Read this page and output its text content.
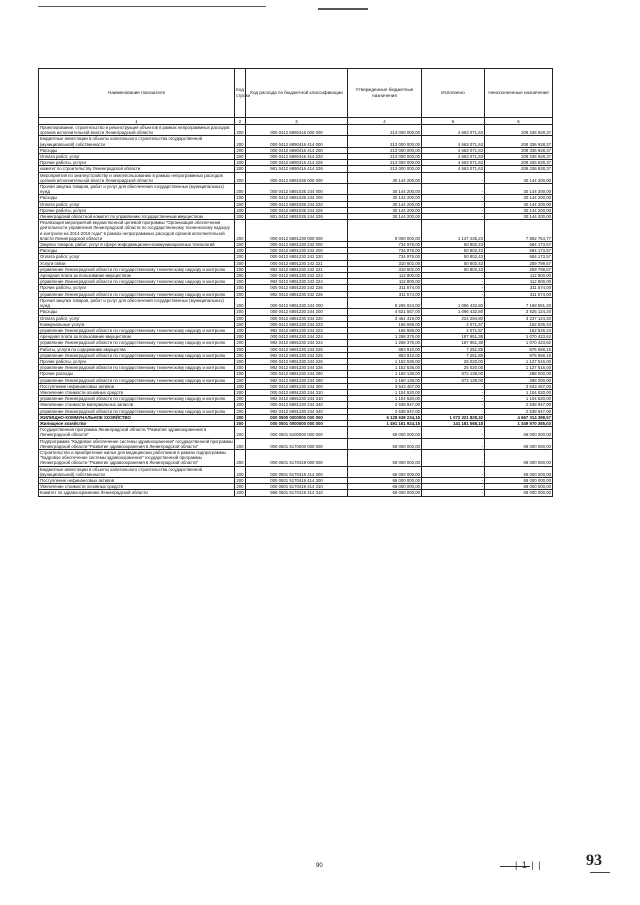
Наименование показателя	Код строки	Код расхода по бюджетной классификации	Утвержденные бюджетные назначения	Исполнено	Неисполненные назначения
1	2	3	4	5	6
Проектирование, строительство и реконструкция объектов в рамках непрограммных расходов органов исполнительной власти Ленинградской области	200	000 0412 6890416 000 000	213 000 000,00	4 663 071,63	208 336 928,37
Бюджетные инвестиции в объекты капитального строительства государственной (муниципальной) собственности	200	000 0412 6890416 414 000	213 000 000,00	4 663 071,63	208 336 928,37
Расходы	200	000 0412 6890416 414 200	213 000 000,00	4 663 071,63	208 336 928,37
Оплата работ, услуг	200	000 0412 6890416 414 220	213 000 000,00	4 663 071,63	208 336 928,37
Прочие работы, услуги	200	000 0412 6890416 414 226	213 000 000,00	4 663 071,63	208 336 928,37
комитет по строительству Ленинградской области	200	981 0412 6890416 414 226	213 000 000,00	4 663 071,63	208 336 928,37
Мероприятия по землеустройству и землепользованию в рамках непрограммных расходов органов исполнительной власти Ленинградской области	200	000 0412 6891035 000 000	30 144 200,00	-	30 144 200,00
Прочая закупка товаров, работ и услуг для обеспечения государственных (муниципальных) нужд	200	000 0412 6891035 244 000	30 144 200,00	-	30 144 200,00
Расходы	200	000 0412 6891035 244 200	30 144 200,00	-	30 144 200,00
Оплата работ, услуг	200	000 0412 6891035 244 220	30 144 200,00	-	30 144 200,00
Прочие работы, услуги	200	000 0412 6891035 244 226	30 144 200,00	-	30 144 200,00
Ленинградский областной комитет по управлению государственным имуществом	200	801 0412 6891035 244 226	30 144 200,00	-	30 144 200,00
Реализация мероприятий ведомственной целевой программы "Организация обеспечения деятельности управления Ленинградской области по государственному техническому надзору и контролю на 2014-2016 годы" в рамках непрограммных расходов органов исполнительной власти Ленинградской области	200	000 0412 6891230 000 000	9 000 000,00	1 147 235,23	7 852 764,77
Закупка товаров, работ, услуг в сфере информационно-коммуникационных технологий	200	000 0412 6891230 242 000	734 976,00	50 802,43	684 173,57
Расходы	200	000 0412 6891230 242 200	734 976,00	50 802,43	684 173,57
Оплата работ, услуг	200	000 0412 6891230 242 220	734 976,00	50 802,43	684 173,57
Услуги связи	200	000 0412 6891230 242 221	310 602,00	50 802,43	259 799,57
управление Ленинградской области по государственному техническому надзору и контролю	200	992 0412 6891230 242 221	310 602,00	50 802,43	259 799,57
Арендная плата за пользование имуществом	200	000 0412 6891230 242 224	112 800,00	-	112 800,00
управление Ленинградской области по государственному техническому надзору и контролю	200	992 0412 6891230 242 224	112 800,00	-	112 800,00
Прочие работы, услуги	200	000 0412 6891230 242 226	311 574,00	-	311 574,00
управление Ленинградской области по государственному техническому надзору и контролю	200	992 0412 6891230 242 226	311 574,00	-	311 574,00
Прочая закупка товаров, работ и услуг для обеспечения государственных (муниципальных) нужд	200	000 0412 6891230 244 000	8 265 024,00	1 096 432,80	7 168 591,20
Расходы	200	000 0412 6891230 244 200	4 621 557,00	1 096 432,80	3 525 124,20
Оплата работ, услуг	200	000 0412 6891230 244 220	3 461 419,00	224 294,80	3 237 124,20
Коммунальные услуги	200	000 0412 6891230 244 223	166 598,00	4 071,57	162 526,43
управление Ленинградской области по государственному техническому надзору и контролю	200	992 0412 6891230 244 223	166 598,00	4 071,57	162 526,43
Арендная плата за пользование имуществом	200	000 0412 6891230 244 224	1 258 375,00	187 951,38	1 070 423,62
управление Ленинградской области по государственному техническому надзору и контролю	200	992 0412 6891230 244 224	1 258 375,00	187 951,38	1 070 423,62
Работы, услуги по содержанию имущества	200	000 0412 6891230 244 225	883 910,00	7 251,85	876 658,15
управление Ленинградской области по государственному техническому надзору и контролю	200	992 0412 6891230 244 225	883 910,00	7 251,85	876 658,15
Прочие работы, услуги	200	000 0412 6891230 244 226	1 152 536,00	25 020,00	1 127 516,00
управление Ленинградской области по государственному техническому надзору и контролю	200	992 0412 6891230 244 226	1 152 536,00	25 020,00	1 127 516,00
Прочие расходы	200	000 0412 6891230 244 290	1 160 138,00	872 138,00	288 000,00
управление Ленинградской области по государственному техническому надзору и контролю	200	992 0412 6891230 244 290	1 160 138,00	872 138,00	288 000,00
Поступление нефинансовых активов	200	000 0412 6891230 244 300	3 643 467,00	-	3 643 467,00
Увеличение стоимости основных средств	200	000 0412 6891230 244 310	1 104 520,00	-	1 104 520,00
управление Ленинградской области по государственному техническому надзору и контролю	200	992 0412 6891230 244 310	1 104 520,00	-	1 104 520,00
Увеличение стоимости материальных запасов	200	000 0412 6891230 244 340	2 538 947,00	-	2 538 947,00
управление Ленинградской области по государственному техническому надзору и контролю	200	992 0412 6891230 244 340	2 538 947,00	-	2 538 947,00
ЖИЛИЩНО-КОММУНАЛЬНОЕ ХОЗЯЙСТВО	200	000 0500 0000000 000 000	6 128 638 234,15	1 072 321 828,32	4 667 314 398,57
Жилищное хозяйство	200	000 0501 0000000 000 000	1 491 161 924,15	141 181 568,18	1 349 970 355,03
Государственная программа Ленинградской области "Развитие здравоохранения в Ленинградской области"	200	000 0501 5100000 000 000	69 000 000,00	-	69 000 000,00
Подпрограмма "Кадровое обеспечение системы здравоохранения" государственной программы Ленинградской области "Развитие здравоохранения в Ленинградской области"	200	000 0501 5170000 000 000	69 000 000,00	-	69 000 000,00
Строительство и приобретение жилья для медицинских работников в рамках подпрограммы "Кадровое обеспечение системы здравоохранения" государственной программы Ленинградской области "Развитие здравоохранения в Ленинградской области"	200	000 0501 5170419 000 000	69 000 000,00	-	69 000 000,00
Бюджетные инвестиции в объекты капитального строительства государственной (муниципальной) собственности	200	000 0501 5170419 414 000	69 000 000,00	-	69 000 000,00
Поступление нефинансовых активов	200	000 0501 5170419 414 300	69 000 000,00	-	69 000 000,00
Увеличение стоимости основных средств	200	000 0501 5170419 414 310	69 000 000,00	-	69 000 000,00
Комитет по здравоохранению Ленинградской области	200	986 0501 5170419 414 310	69 000 000,00	-	69 000 000,00
90	| 1 | |	93
